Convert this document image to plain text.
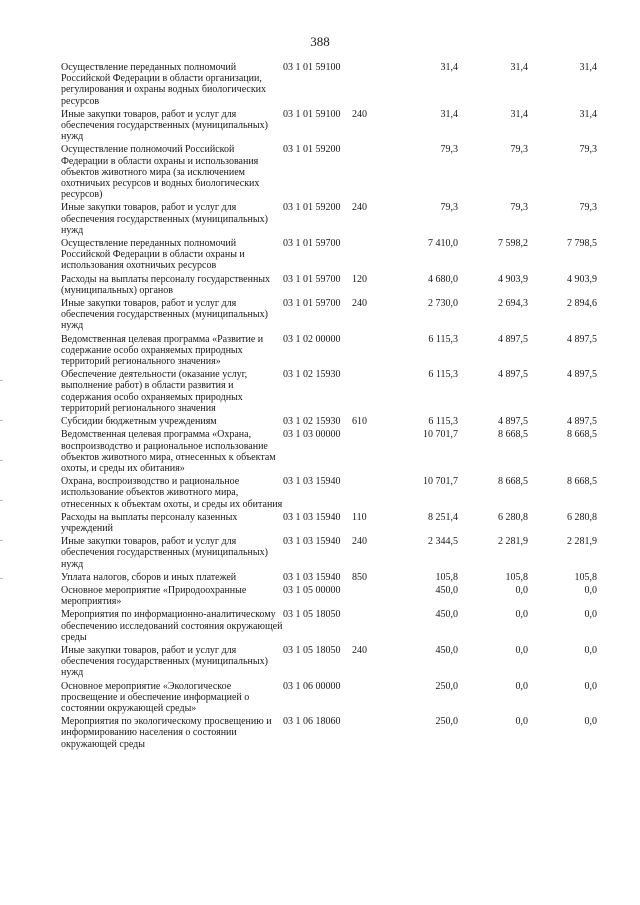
388
Осуществление переданных полномочий Российской Федерации в области организации, регулирования и охраны водных биологических ресурсов	03 1 01 59100		31,4	31,4	31,4
Иные закупки товаров, работ и услуг для обеспечения государственных (муниципальных) нужд	03 1 01 59100	240	31,4	31,4	31,4
Осуществление полномочий Российской Федерации в области охраны и использования объектов животного мира (за исключением охотничьих ресурсов и водных биологических ресурсов)	03 1 01 59200		79,3	79,3	79,3
Иные закупки товаров, работ и услуг для обеспечения государственных (муниципальных) нужд	03 1 01 59200	240	79,3	79,3	79,3
Осуществление переданных полномочий Российской Федерации в области охраны и использования охотничьих ресурсов	03 1 01 59700		7 410,0	7 598,2	7 798,5
Расходы на выплаты персоналу государственных (муниципальных) органов	03 1 01 59700	120	4 680,0	4 903,9	4 903,9
Иные закупки товаров, работ и услуг для обеспечения государственных (муниципальных) нужд	03 1 01 59700	240	2 730,0	2 694,3	2 894,6
Ведомственная целевая программа «Развитие и содержание особо охраняемых природных территорий регионального значения»	03 1 02 00000		6 115,3	4 897,5	4 897,5
Обеспечение деятельности (оказание услуг, выполнение работ) в области развития и содержания особо охраняемых природных территорий регионального значения	03 1 02 15930		6 115,3	4 897,5	4 897,5
Субсидии бюджетным учреждениям	03 1 02 15930	610	6 115,3	4 897,5	4 897,5
Ведомственная целевая программа «Охрана, воспроизводство и рациональное использование объектов животного мира, отнесенных к объектам охоты, и среды их обитания»	03 1 03 00000		10 701,7	8 668,5	8 668,5
Охрана, воспроизводство и рациональное использование объектов животного мира, отнесенных к объектам охоты, и среды их обитания	03 1 03 15940		10 701,7	8 668,5	8 668,5
Расходы на выплаты персоналу казенных учреждений	03 1 03 15940	110	8 251,4	6 280,8	6 280,8
Иные закупки товаров, работ и услуг для обеспечения государственных (муниципальных) нужд	03 1 03 15940	240	2 344,5	2 281,9	2 281,9
Уплата налогов, сборов и иных платежей	03 1 03 15940	850	105,8	105,8	105,8
Основное мероприятие «Природоохранные мероприятия»	03 1 05 00000		450,0	0,0	0,0
Мероприятия по информационно-аналитическому обеспечению исследований состояния окружающей среды	03 1 05 18050		450,0	0,0	0,0
Иные закупки товаров, работ и услуг для обеспечения государственных (муниципальных) нужд	03 1 05 18050	240	450,0	0,0	0,0
Основное мероприятие «Экологическое просвещение и обеспечение информацией о состоянии окружающей среды»	03 1 06 00000		250,0	0,0	0,0
Мероприятия по экологическому просвещению и информированию населения о состоянии окружающей среды	03 1 06 18060		250,0	0,0	0,0
